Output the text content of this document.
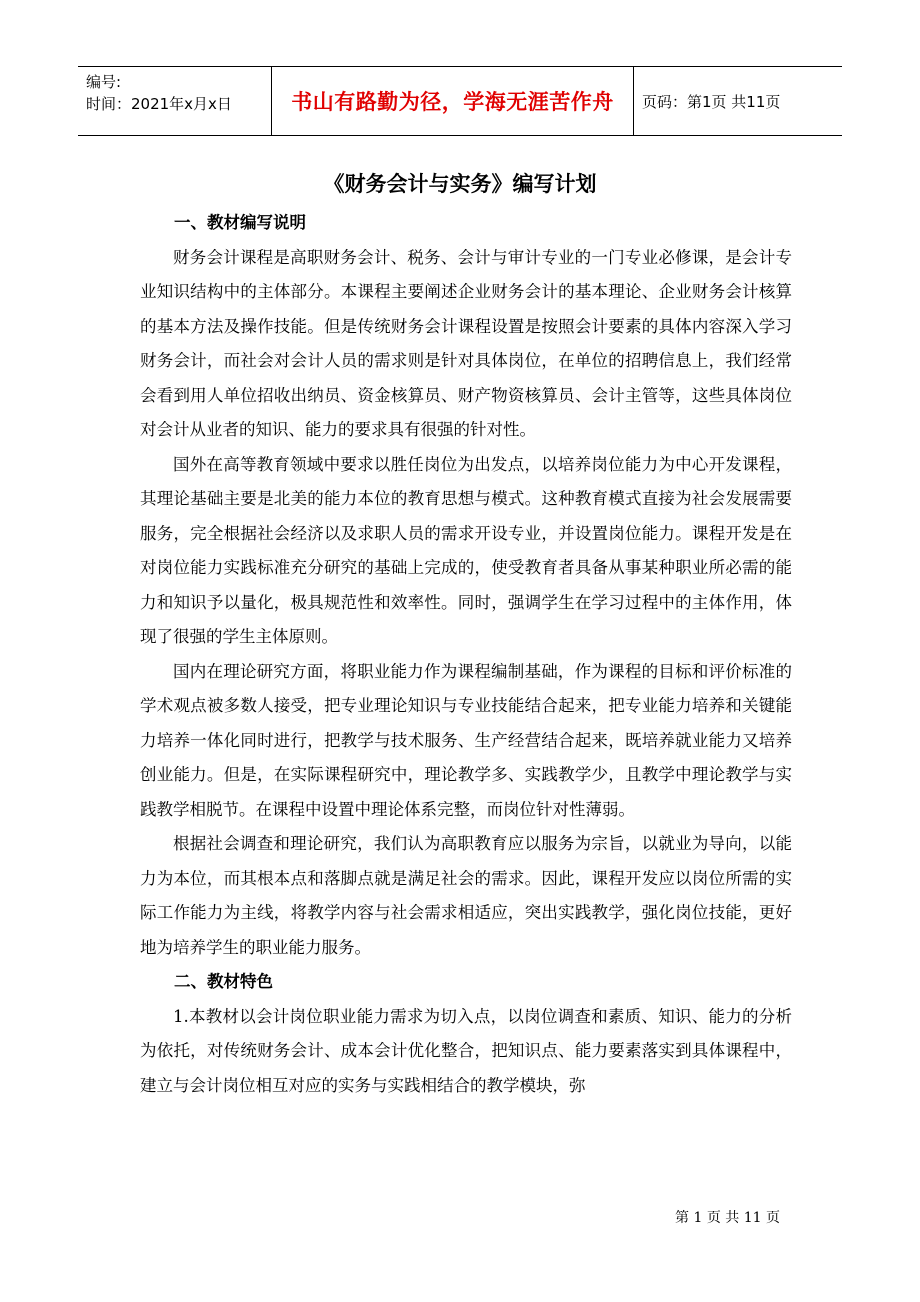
编号:
时间：2021年x月x日	书山有路勤为径，学海无涯苦作舟 页码：第1页 共11页
《财务会计与实务》编写计划

一、教材编写说明

财务会计课程是高职财务会计、税务、会计与审计专业的一门专业必修课，是会计专业知识结构中的主体部分。本课程主要阐述企业财务会计的基本理论、企业财务会计核算的基本方法及操作技能。但是传统财务会计课程设置是按照会计要素的具体内容深入学习财务会计，而社会对会计人员的需求则是针对具体岗位，在单位的招聘信息上，我们经常会看到用人单位招收出纳员、资金核算员、财产物资核算员、会计主管等，这些具体岗位对会计从业者的知识、能力的要求具有很强的针对性。

国外在高等教育领域中要求以胜任岗位为出发点，以培养岗位能力为中心开发课程，其理论基础主要是北美的能力本位的教育思想与模式。这种教育模式直接为社会发展需要服务，完全根据社会经济以及求职人员的需求开设专业，并设置岗位能力。课程开发是在对岗位能力实践标准充分研究的基础上完成的，使受教育者具备从事某种职业所必需的能力和知识予以量化，极具规范性和效率性。同时，强调学生在学习过程中的主体作用，体现了很强的学生主体原则。

国内在理论研究方面，将职业能力作为课程编制基础，作为课程的目标和评价标准的学术观点被多数人接受，把专业理论知识与专业技能结合起来，把专业能力培养和关键能力培养一体化同时进行，把教学与技术服务、生产经营结合起来，既培养就业能力又培养创业能力。但是，在实际课程研究中，理论教学多、实践教学少，且教学中理论教学与实践教学相脱节。在课程中设置中理论体系完整，而岗位针对性薄弱。

根据社会调查和理论研究，我们认为高职教育应以服务为宗旨，以就业为导向，以能力为本位，而其根本点和落脚点就是满足社会的需求。因此，课程开发应以岗位所需的实际工作能力为主线，将教学内容与社会需求相适应，突出实践教学，强化岗位技能，更好地为培养学生的职业能力服务。

二、教材特色

1.本教材以会计岗位职业能力需求为切入点，以岗位调查和素质、知识、能力的分析为依托，对传统财务会计、成本会计优化整合，把知识点、能力要素落实到具体课程中，建立与会计岗位相互对应的实务与实践相结合的教学模块，弥

第 1 页 共 11 页
